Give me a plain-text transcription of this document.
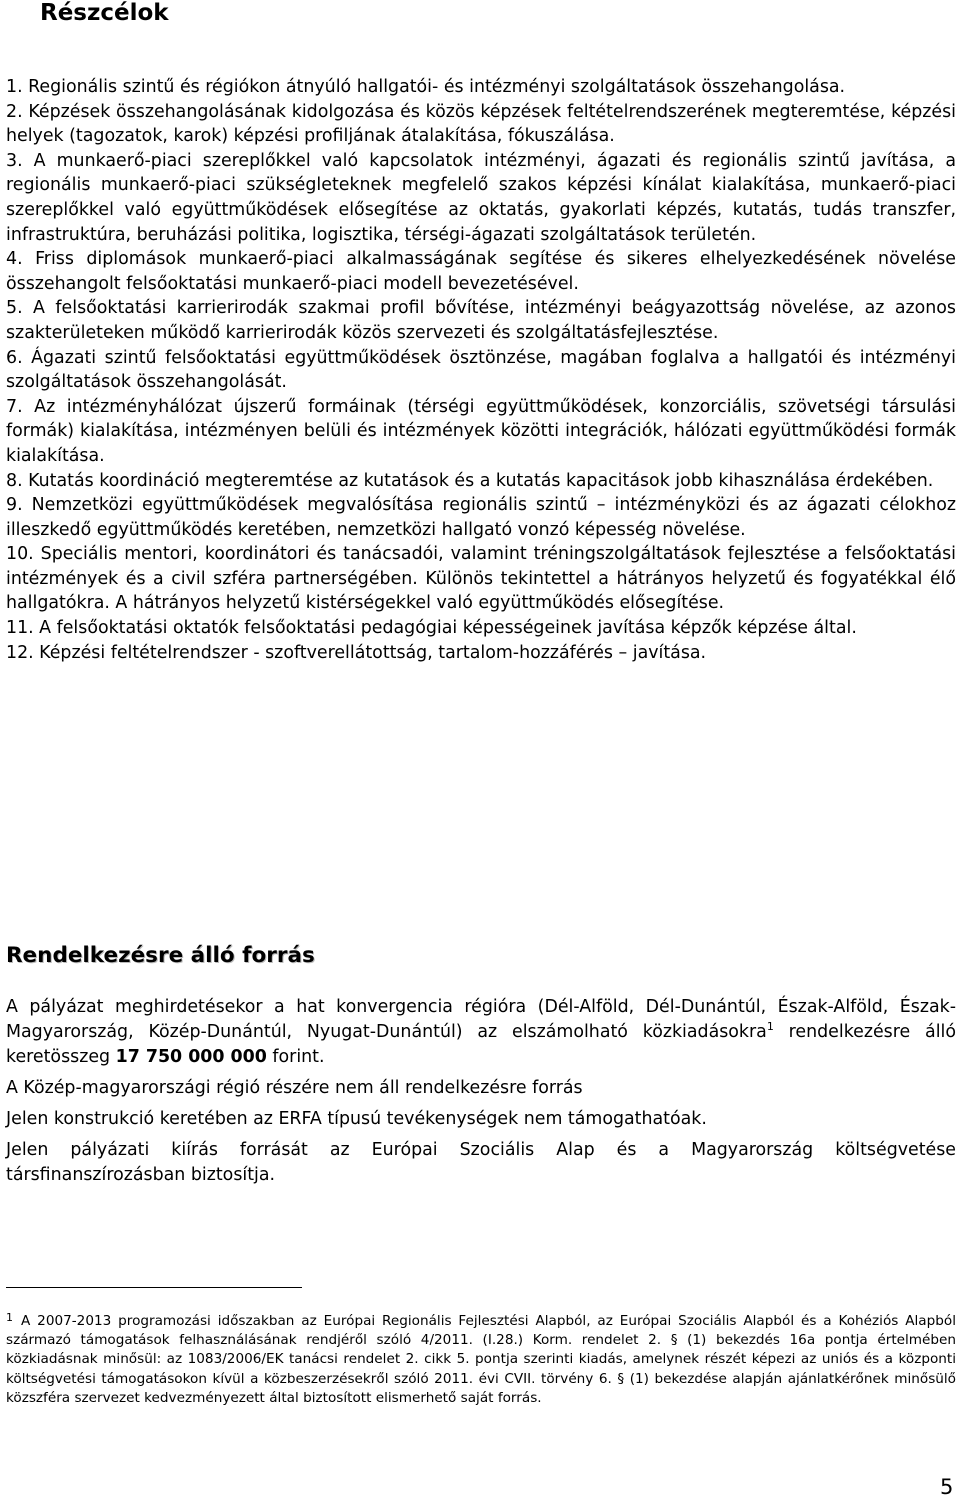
Részcélok

1. Regionális szintű és régiókon átnyúló hallgatói- és intézményi szolgáltatások összehangolása.

2. Képzések összehangolásának kidolgozása és közös képzések feltételrendszerének megteremtése, képzési helyek (tagozatok, karok) képzési profiljának átalakítása, fókuszálása.

3. A munkaerő-piaci szereplőkkel való kapcsolatok intézményi, ágazati és regionális szintű javítása, a regionális munkaerő-piaci szükségleteknek megfelelő szakos képzési kínálat kialakítása, munkaerő-piaci szereplőkkel való együttműködések elősegítése az oktatás, gyakorlati képzés, kutatás, tudás transzfer, infrastruktúra, beruházási politika, logisztika, térségi-ágazati szolgáltatások területén.

4. Friss diplomások munkaerő-piaci alkalmasságának segítése és sikeres elhelyezkedésének növelése összehangolt felsőoktatási munkaerő-piaci modell bevezetésével.

5. A felsőoktatási karrierirodák szakmai profil bővítése, intézményi beágyazottság növelése, az azonos szakterületeken működő karrierirodák közös szervezeti és szolgáltatásfejlesztése.

6. Ágazati szintű felsőoktatási együttműködések ösztönzése, magában foglalva a hallgatói és intézményi szolgáltatások összehangolását.

7. Az intézményhálózat újszerű formáinak (térségi együttműködések, konzorciális, szövetségi társulási formák) kialakítása, intézményen belüli és intézmények közötti integrációk, hálózati együttműködési formák kialakítása.

8. Kutatás koordináció megteremtése az kutatások és a kutatás kapacitások jobb kihasználása érdekében.

9. Nemzetközi együttműködések megvalósítása regionális szintű – intézményközi és az ágazati célokhoz illeszkedő együttműködés keretében, nemzetközi hallgató vonzó képesség növelése.

10. Speciális mentori, koordinátori és tanácsadói, valamint tréningszolgáltatások fejlesztése a felsőoktatási intézmények és a civil szféra partnerségében. Különös tekintettel a hátrányos helyzetű és fogyatékkal élő hallgatókra. A hátrányos helyzetű kistérségekkel való együttműködés elősegítése.

11. A felsőoktatási oktatók felsőoktatási pedagógiai képességeinek javítása képzők képzése által.

12. Képzési feltételrendszer - szoftverellátottság, tartalom-hozzáférés – javítása.

Rendelkezésre álló forrás

A pályázat meghirdetésekor a hat konvergencia régióra (Dél-Alföld, Dél-Dunántúl, Észak-Alföld, Észak-Magyarország, Közép-Dunántúl, Nyugat-Dunántúl) az elszámolható közkiadásokra$^1$ rendelkezésre álló keretösszeg 17 750 000 000 forint.

A Közép-magyarországi régió részére nem áll rendelkezésre forrás

Jelen konstrukció keretében az ERFA típusú tevékenységek nem támogathatóak.

Jelen pályázati kiírás forrását az Európai Szociális Alap és a Magyarország költségvetése társfinanszírozásban biztosítja.

$^1$ A 2007-2013 programozási időszakban az Európai Regionális Fejlesztési Alapból, az Európai Szociális Alapból és a Kohéziós Alapból származó támogatások felhasználásának rendjéről szóló 4/2011. (I.28.) Korm. rendelet 2. § (1) bekezdés 16a pontja értelmében közkiadásnak minősül: az 1083/2006/EK tanácsi rendelet 2. cikk 5. pontja szerinti kiadás, amelynek részét képezi az uniós és a központi költségvetési támogatásokon kívül a közbeszerzésekről szóló 2011. évi CVII. törvény 6. § (1) bekezdése alapján ajánlatkérőnek minősülő közszféra szervezet kedvezményezett által biztosított elismerhető saját forrás.

5
